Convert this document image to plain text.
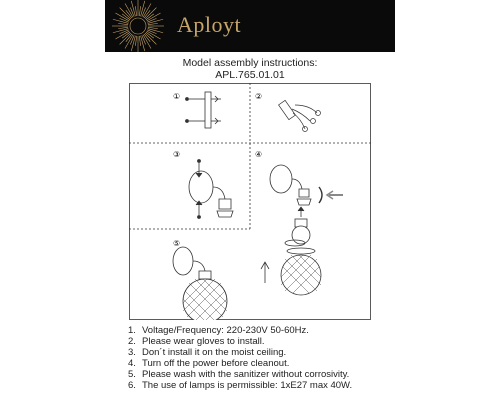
Aployt
Model assembly instructions:
APL.765.01.01
①	②
③	④
⑤
1. Voltage/Frequency: 220-230V 50-60Hz.
2. Please wear gloves to install.
3. Don´t install it on the moist ceiling.
4. Turn off the power before cleanout.
5. Please wash with the sanitizer without corrosivity.
6. The use of lamps is permissible: 1xE27 max 40W.
